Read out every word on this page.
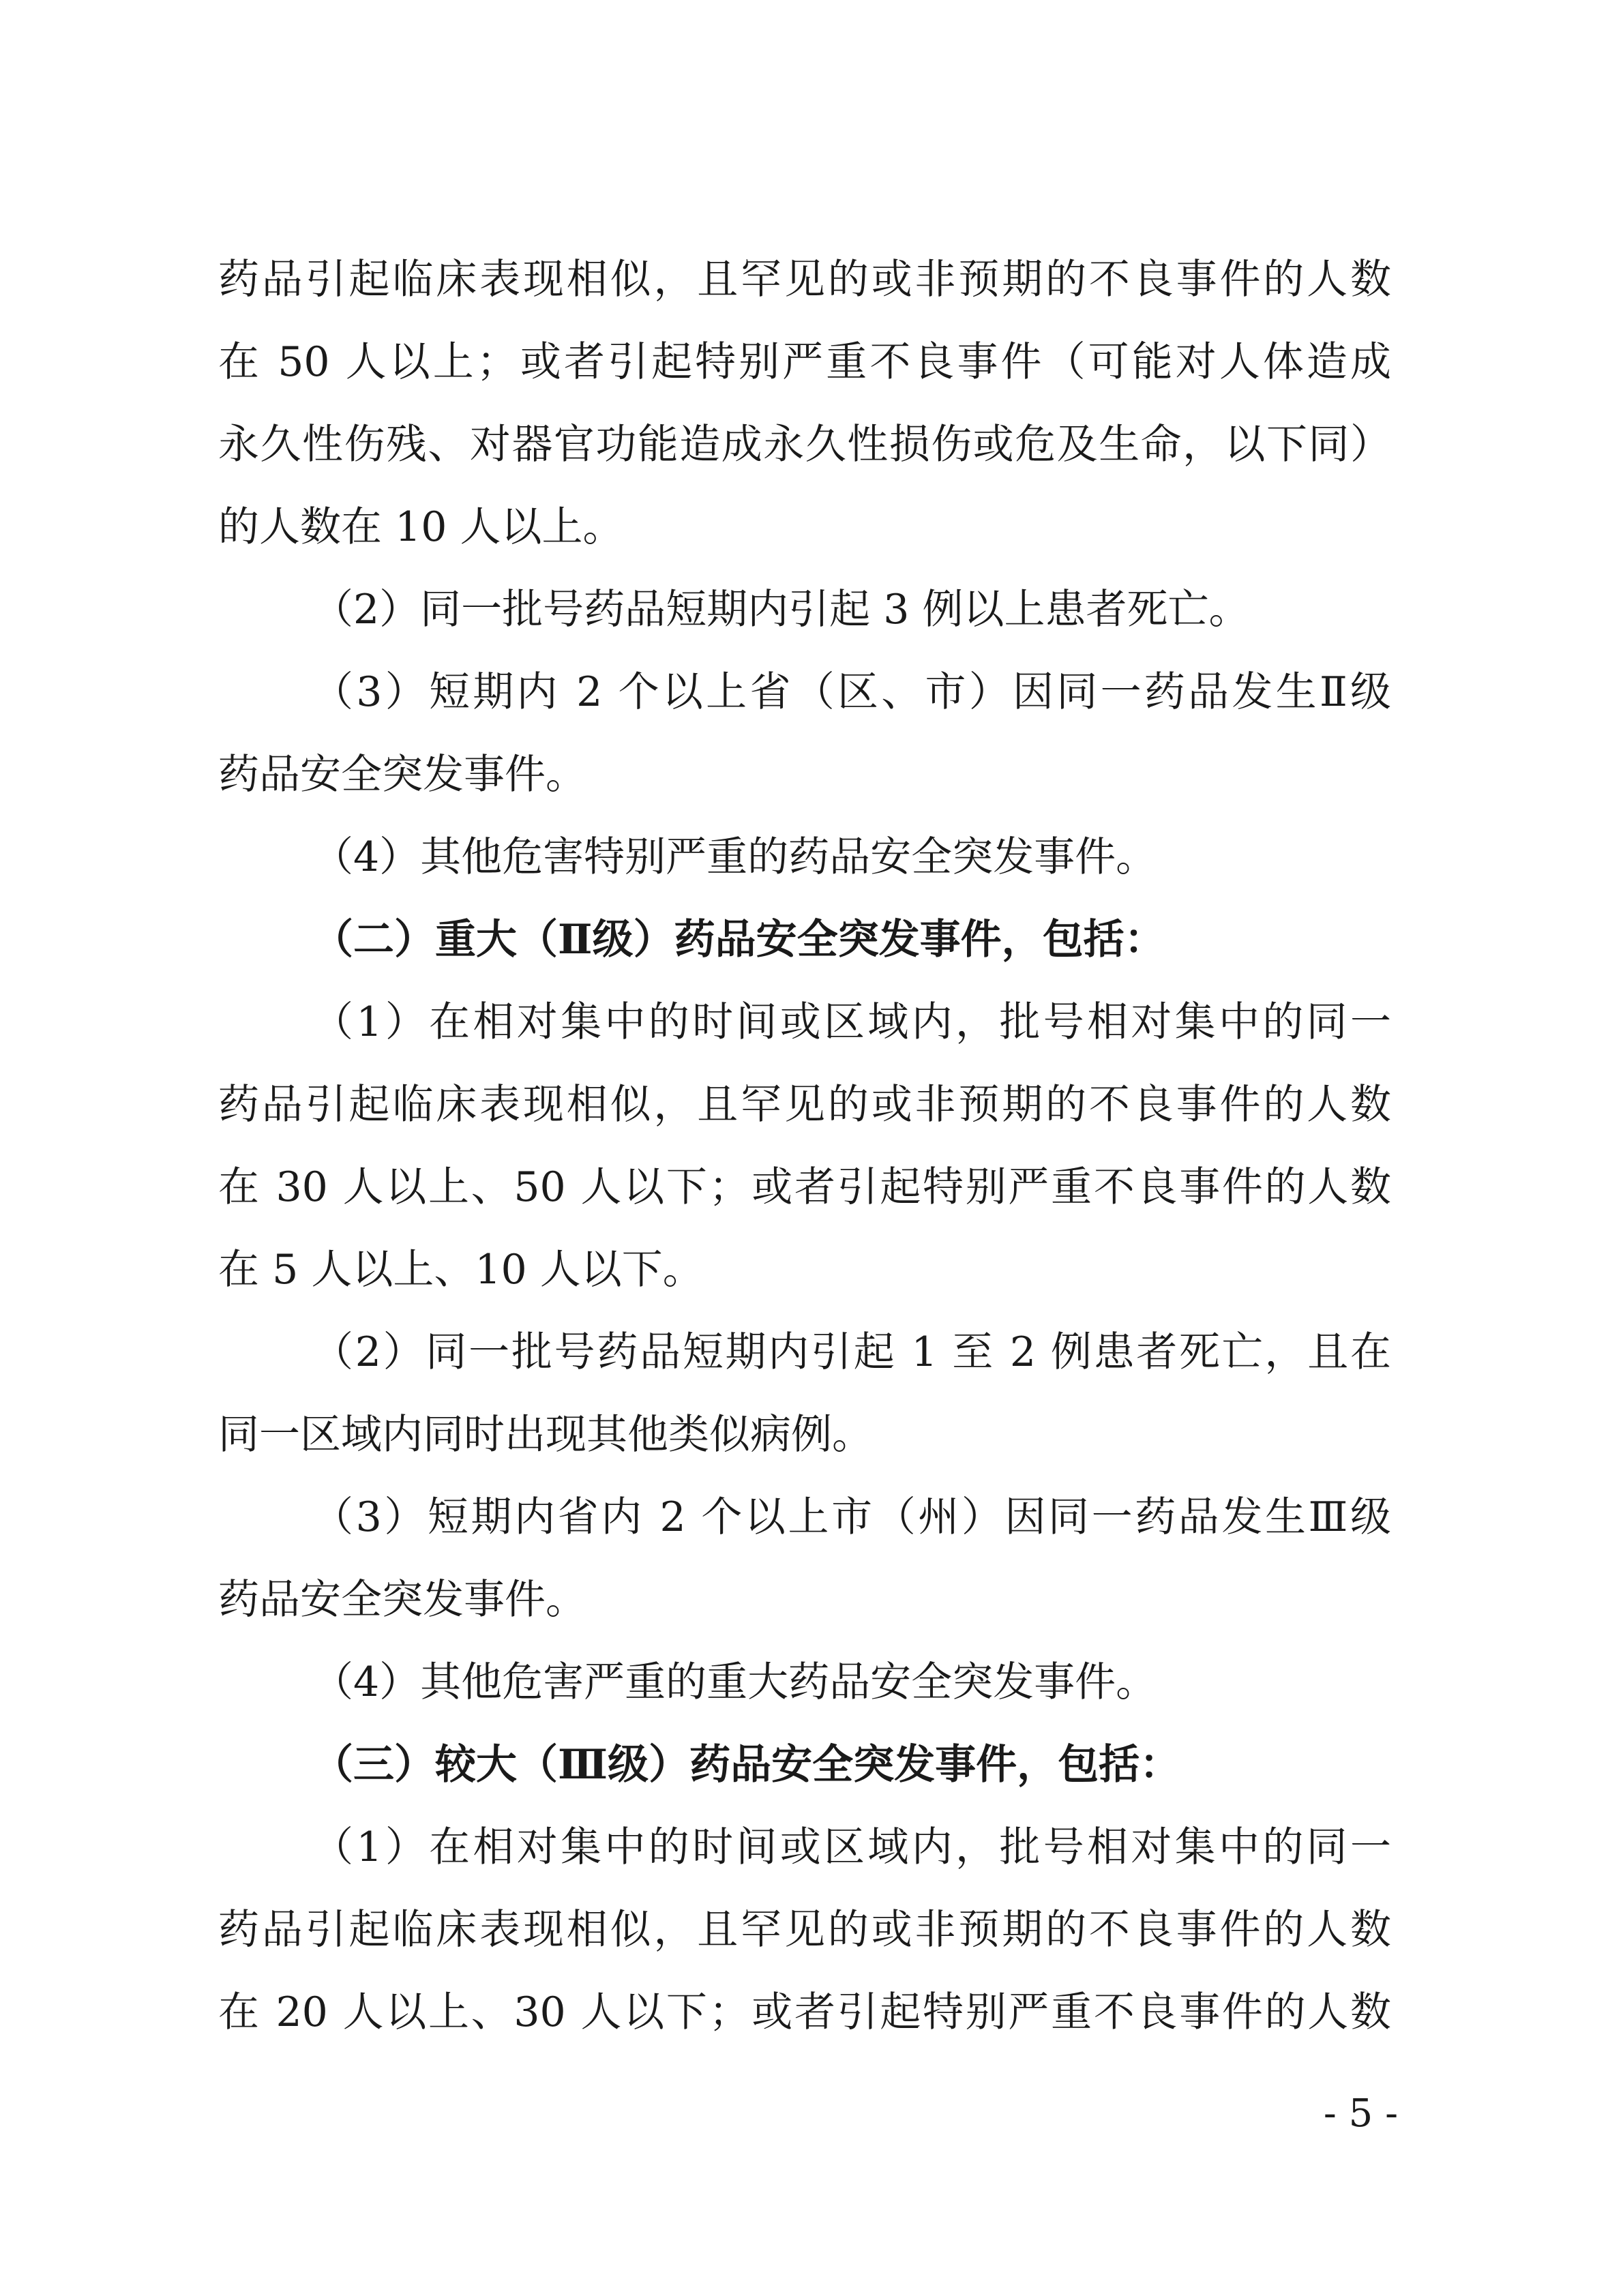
药品引起临床表现相似，且罕见的或非预期的不良事件的人数
在 50 人以上；或者引起特别严重不良事件（可能对人体造成
永久性伤残、对器官功能造成永久性损伤或危及生命，以下同）
的人数在 10 人以上。
（2）同一批号药品短期内引起 3 例以上患者死亡。
（3）短期内 2 个以上省（区、市）因同一药品发生Ⅱ级
药品安全突发事件。
（4）其他危害特别严重的药品安全突发事件。
（二）重大（Ⅱ级）药品安全突发事件，包括：
（1）在相对集中的时间或区域内，批号相对集中的同一
药品引起临床表现相似，且罕见的或非预期的不良事件的人数
在 30 人以上、50 人以下；或者引起特别严重不良事件的人数
在 5 人以上、10 人以下。
（2）同一批号药品短期内引起 1 至 2 例患者死亡，且在
同一区域内同时出现其他类似病例。
（3）短期内省内 2 个以上市（州）因同一药品发生Ⅲ级
药品安全突发事件。
（4）其他危害严重的重大药品安全突发事件。
（三）较大（Ⅲ级）药品安全突发事件，包括：
（1）在相对集中的时间或区域内，批号相对集中的同一
药品引起临床表现相似，且罕见的或非预期的不良事件的人数
在 20 人以上、30 人以下；或者引起特别严重不良事件的人数
- 5 -
